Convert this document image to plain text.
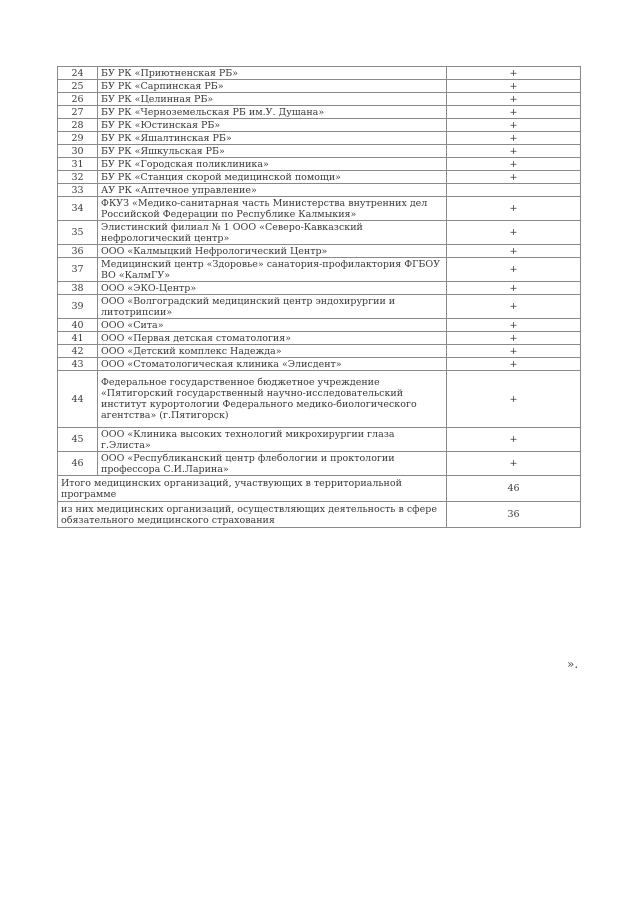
24	БУ РК «Приютненская РБ»	+
25	БУ РК «Сарпинская РБ»	+
26	БУ РК «Целинная РБ»	+
27	БУ РК «Черноземельская РБ им.У. Душана»	+
28	БУ РК «Юстинская РБ»	+
29	БУ РК «Яшалтинская РБ»	+
30	БУ РК «Яшкульская РБ»	+
31	БУ РК «Городская поликлиника»	+
32	БУ РК «Станция скорой медицинской помощи»	+
33	АУ РК «Аптечное управление»	
34	ФКУЗ «Медико-санитарная часть Министерства внутренних дел Российской Федерации по Республике Калмыкия»	+
35	Элистинский филиал № 1 ООО «Северо-Кавказский нефрологический центр»	+
36	ООО «Калмыцкий Нефрологический Центр»	+
37	Медицинский центр «Здоровье» санатория-профилактория ФГБОУ ВО «КалмГУ»	+
38	ООО «ЭКО-Центр»	+
39	ООО «Волгоградский медицинский центр эндохирургии и литотрипсии»	+
40	ООО «Сита»	+
41	ООО «Первая детская стоматология»	+
42	ООО «Детский комплекс Надежда»	+
43	ООО «Стоматологическая клиника «Элисдент»	+
44	Федеральное государственное бюджетное учреждение «Пятигорский государственный научно-исследовательский институт курортологии Федерального медико-биологического агентства» (г.Пятигорск)	+
45	ООО «Клиника высоких технологий микрохирургии глаза г.Элиста»	+
46	ООО «Республиканский центр флебологии и проктологии профессора С.И.Ларина»	+
Итого медицинских организаций, участвующих в территориальной программе		46
из них медицинских организаций, осуществляющих деятельность в сфере обязательного медицинского страхования		36
».
